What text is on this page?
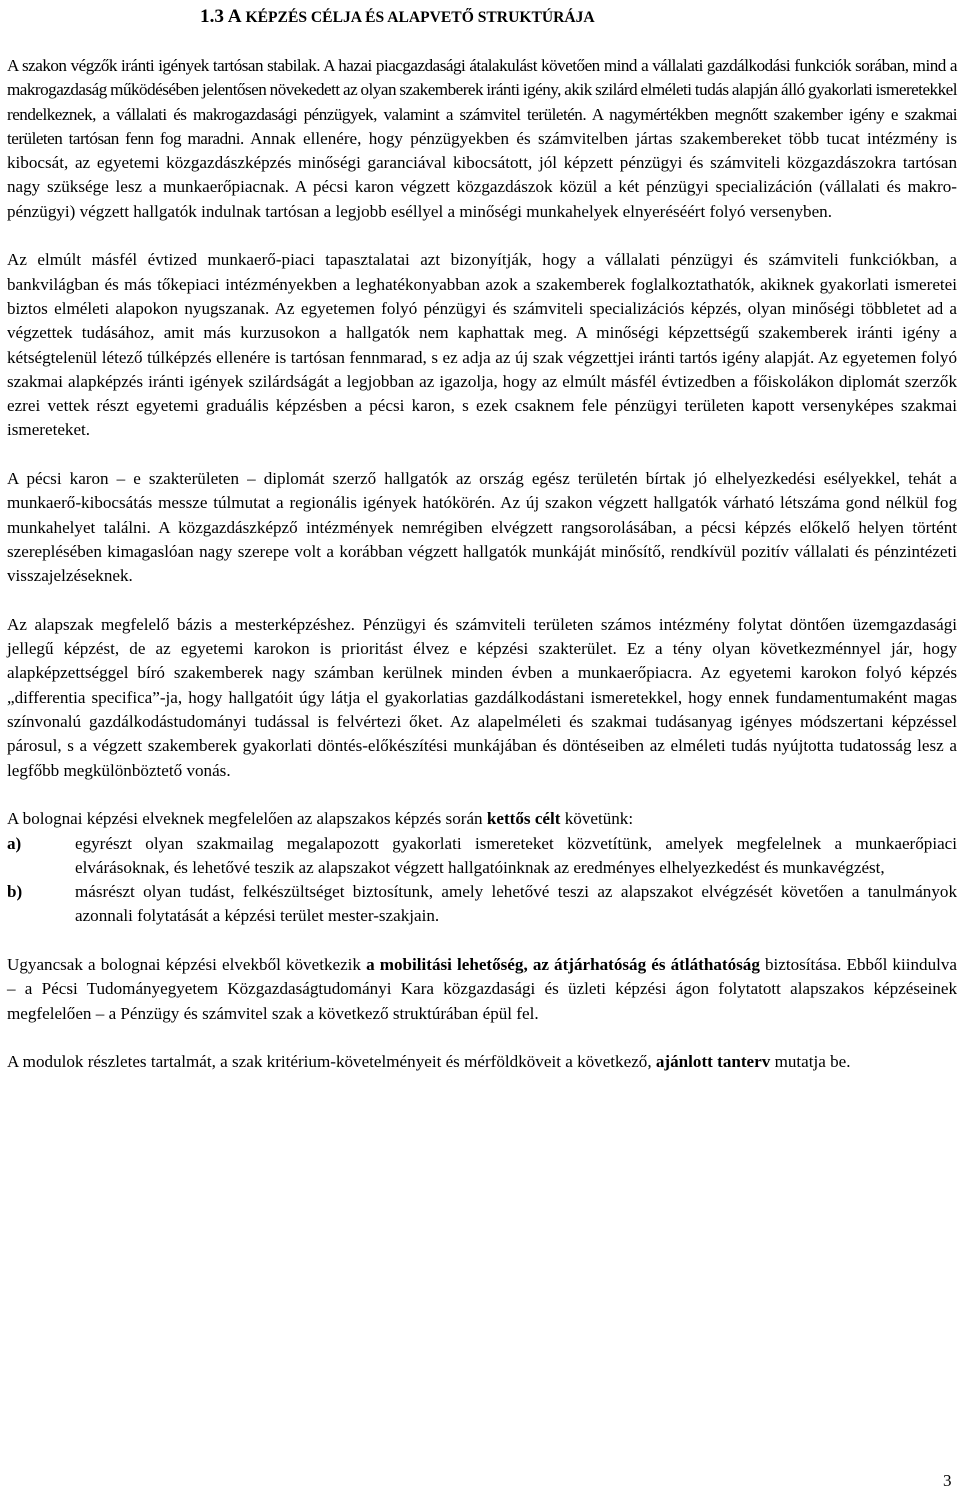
1.3 A KÉPZÉS CÉLJA ÉS ALAPVETŐ STRUKTÚRÁJA

A szakon végzők iránti igények tartósan stabilak. A hazai piacgazdasági átalakulást követően mind a vállalati gazdálkodási funkciók sorában, mind a makrogazdaság működésében jelentősen növekedett az olyan szakemberek iránti igény, akik szilárd elméleti tudás alapján álló gyakorlati ismeretekkel rendelkeznek, a vállalati és makrogazdasági pénzügyek, valamint a számvitel területén. A nagymértékben megnőtt szakember igény e szakmai területen tartósan fenn fog maradni. Annak ellenére, hogy pénzügyekben és számvitelben jártas szakembereket több tucat intézmény is kibocsát, az egyetemi közgazdászképzés minőségi garanciával kibocsátott, jól képzett pénzügyi és számviteli közgazdászokra tartósan nagy szüksége lesz a munkaerőpiacnak. A pécsi karon végzett közgazdászok közül a két pénzügyi specializáción (vállalati és makro-pénzügyi) végzett hallgatók indulnak tartósan a legjobb eséllyel a minőségi munkahelyek elnyeréséért folyó versenyben.

Az elmúlt másfél évtized munkaerő-piaci tapasztalatai azt bizonyítják, hogy a vállalati pénzügyi és számviteli funkciókban, a bankvilágban és más tőkepiaci intézményekben a leghatékonyabban azok a szakemberek foglalkoztathatók, akiknek gyakorlati ismeretei biztos elméleti alapokon nyugszanak. Az egyetemen folyó pénzügyi és számviteli specializációs képzés, olyan minőségi többletet ad a végzettek tudásához, amit más kurzusokon a hallgatók nem kaphattak meg. A minőségi képzettségű szakemberek iránti igény a kétségtelenül létező túlképzés ellenére is tartósan fennmarad, s ez adja az új szak végzettjei iránti tartós igény alapját. Az egyetemen folyó szakmai alapképzés iránti igények szilárdságát a legjobban az igazolja, hogy az elmúlt másfél évtizedben a főiskolákon diplomát szerzők ezrei vettek részt egyetemi graduális képzésben a pécsi karon, s ezek csaknem fele pénzügyi területen kapott versenyképes szakmai ismereteket.

A pécsi karon – e szakterületen – diplomát szerző hallgatók az ország egész területén bírtak jó elhelyezkedési esélyekkel, tehát a munkaerő-kibocsátás messze túlmutat a regionális igények hatókörén. Az új szakon végzett hallgatók várható létszáma gond nélkül fog munkahelyet találni. A közgazdászképző intézmények nemrégiben elvégzett rangsorolásában, a pécsi képzés előkelő helyen történt szereplésében kimagaslóan nagy szerepe volt a korábban végzett hallgatók munkáját minősítő, rendkívül pozitív vállalati és pénzintézeti visszajelzéseknek.

Az alapszak megfelelő bázis a mesterképzéshez. Pénzügyi és számviteli területen számos intézmény folytat döntően üzemgazdasági jellegű képzést, de az egyetemi karokon is prioritást élvez e képzési szakterület. Ez a tény olyan következménnyel jár, hogy alapképzettséggel bíró szakemberek nagy számban kerülnek minden évben a munkaerőpiacra. Az egyetemi karokon folyó képzés „differentia specifica”-ja, hogy hallgatóit úgy látja el gyakorlatias gazdálkodástani ismeretekkel, hogy ennek fundamentumaként magas színvonalú gazdálkodástudományi tudással is felvértezi őket. Az alapelméleti és szakmai tudásanyag igényes módszertani képzéssel párosul, s a végzett szakemberek gyakorlati döntés-előkészítési munkájában és döntéseiben az elméleti tudás nyújtotta tudatosság lesz a legfőbb megkülönböztető vonás.

A bolognai képzési elveknek megfelelően az alapszakos képzés során kettős célt követünk:

a)	egyrészt olyan szakmailag megalapozott gyakorlati ismereteket közvetítünk, amelyek megfelelnek a munkaerőpiaci elvárásoknak, és lehetővé teszik az alapszakot végzett hallgatóinknak az eredményes elhelyezkedést és munkavégzést,
b)	másrészt olyan tudást, felkészültséget biztosítunk, amely lehetővé teszi az alapszakot elvégzését követően a tanulmányok azonnali folytatását a képzési terület mester-szakjain.

Ugyancsak a bolognai képzési elvekből következik a mobilitási lehetőség, az átjárhatóság és átláthatóság biztosítása. Ebből kiindulva – a Pécsi Tudományegyetem Közgazdaságtudományi Kara közgazdasági és üzleti képzési ágon folytatott alapszakos képzéseinek megfelelően – a Pénzügy és számvitel szak a következő struktúrában épül fel.

A modulok részletes tartalmát, a szak kritérium-követelményeit és mérföldköveit a következő, ajánlott tanterv mutatja be.

3
